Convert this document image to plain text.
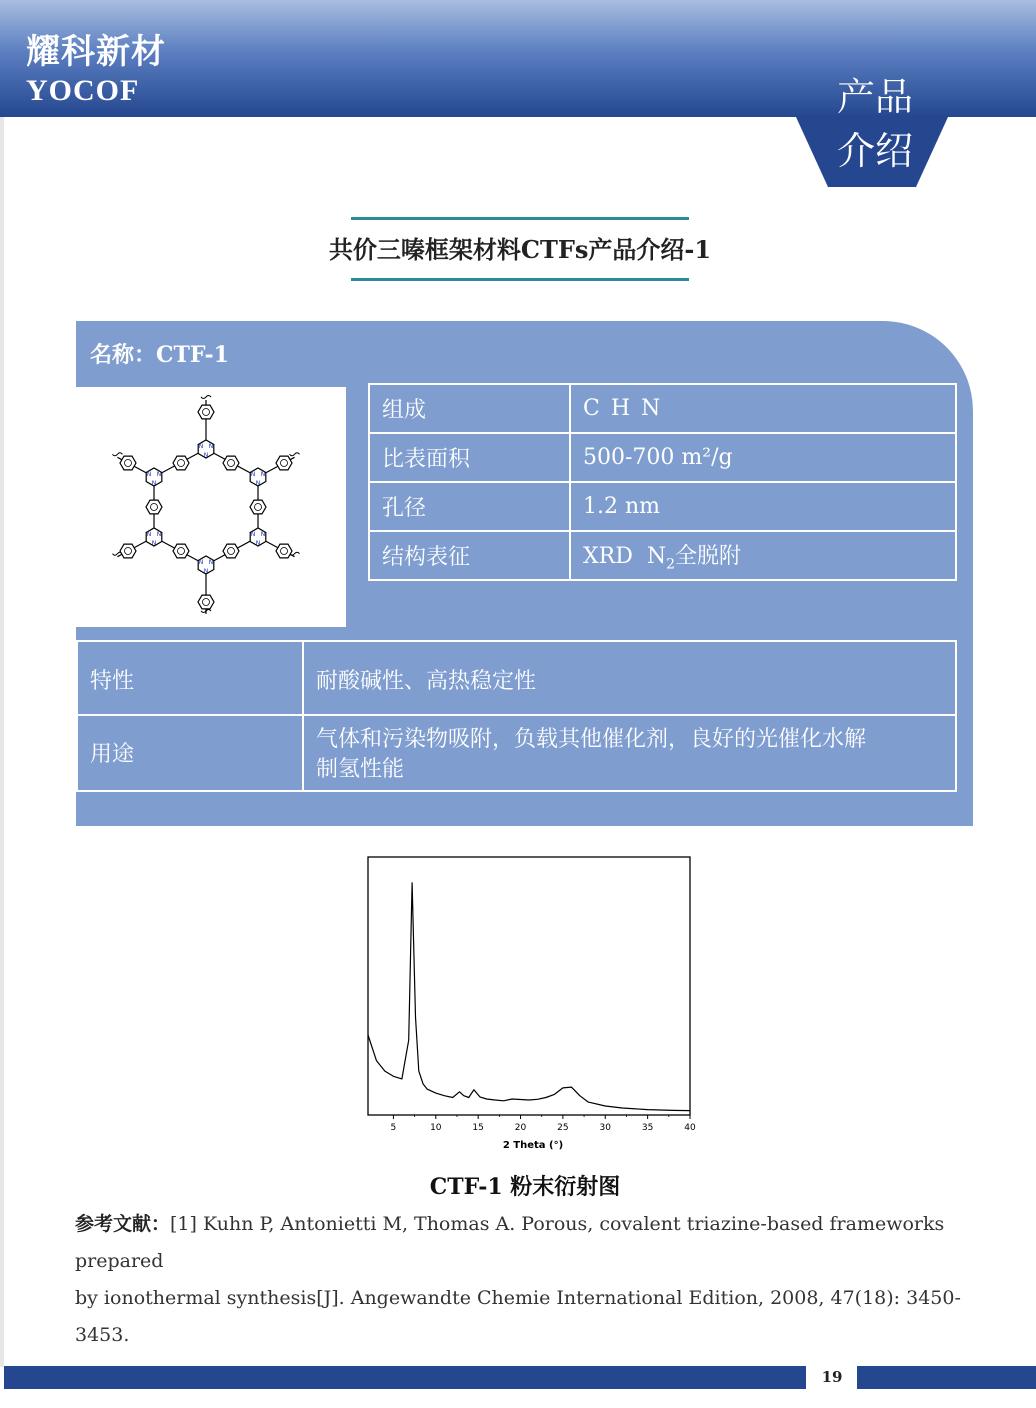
耀科新材
YOCOF	产品
介绍
共价三嗪框架材料CTFs产品介绍-1
名称：CTF-1
N N
N
N N
N
N N
N
N N
N
N N
N
N N
N
组成	C H N
比表面积	500-700 m²/g
孔径	1.2 nm
结构表征	XRD  $N_2$全脱附
特性	耐酸碱性、高热稳定性
用途	气体和污染物吸附，负载其他催化剂，良好的光催化水解
制氢性能
5	10	15	20	25	30	35	40
2 Theta (°)
CTF-1 粉末衍射图
参考文献：[1] Kuhn P, Antonietti M, Thomas A. Porous, covalent triazine-based frameworks prepared
by ionothermal synthesis[J]. Angewandte Chemie International Edition, 2008, 47(18): 3450-3453.
19
